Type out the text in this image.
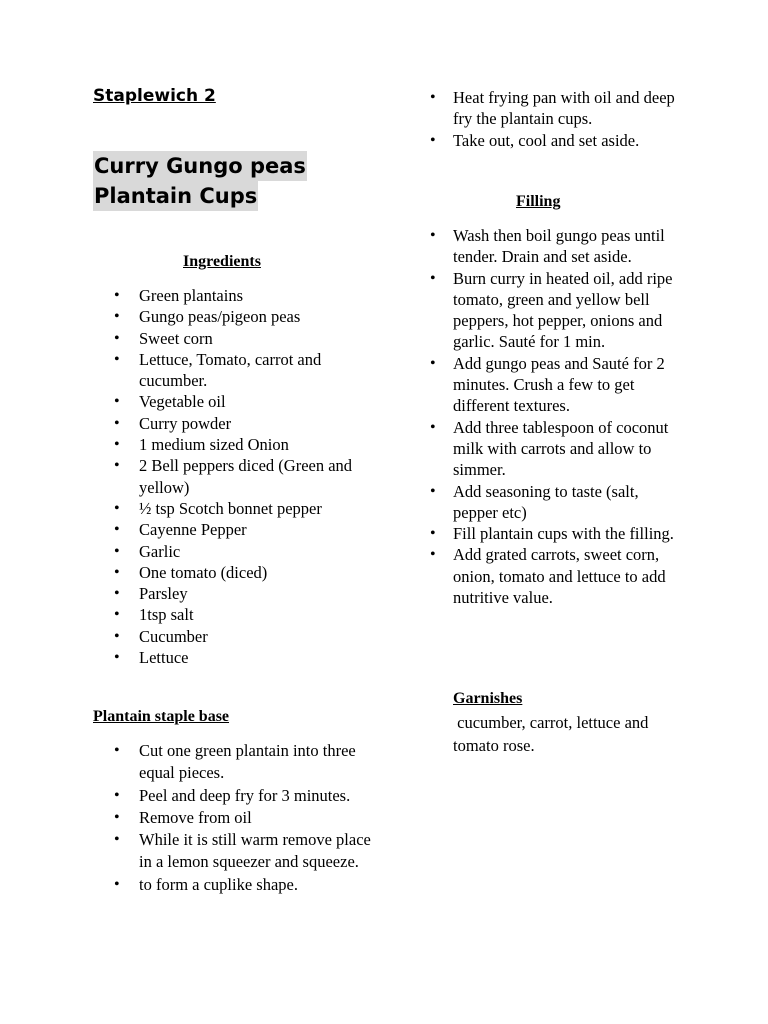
Staplewich 2

Curry Gungo peas
Plantain Cups
Ingredients
• Green plantains
• Gungo peas/pigeon peas
• Sweet corn
• Lettuce, Tomato, carrot and cucumber.
• Vegetable oil
• Curry powder
• 1 medium sized Onion
• 2 Bell peppers diced (Green and yellow)
• ½ tsp Scotch bonnet pepper
• Cayenne Pepper
• Garlic
• One tomato (diced)
• Parsley
• 1tsp salt
• Cucumber
• Lettuce
Plantain staple base
• Cut one green plantain into three equal pieces.
• Peel and deep fry for 3 minutes.
• Remove from oil
• While it is still warm remove place in a lemon squeezer and squeeze.
• to form a cuplike shape.
• Heat frying pan with oil and deep fry the plantain cups.
• Take out, cool and set aside.
Filling
• Wash then boil gungo peas until tender. Drain and set aside.
• Burn curry in heated oil, add ripe tomato, green and yellow bell peppers, hot pepper, onions and garlic. Sauté for 1 min.
• Add gungo peas and Sauté for 2 minutes. Crush a few to get different textures.
• Add three tablespoon of coconut milk with carrots and allow to simmer.
• Add seasoning to taste (salt, pepper etc)
• Fill plantain cups with the filling.
• Add grated carrots, sweet corn, onion, tomato and lettuce to add nutritive value.
Garnishes

cucumber, carrot, lettuce and tomato rose.
